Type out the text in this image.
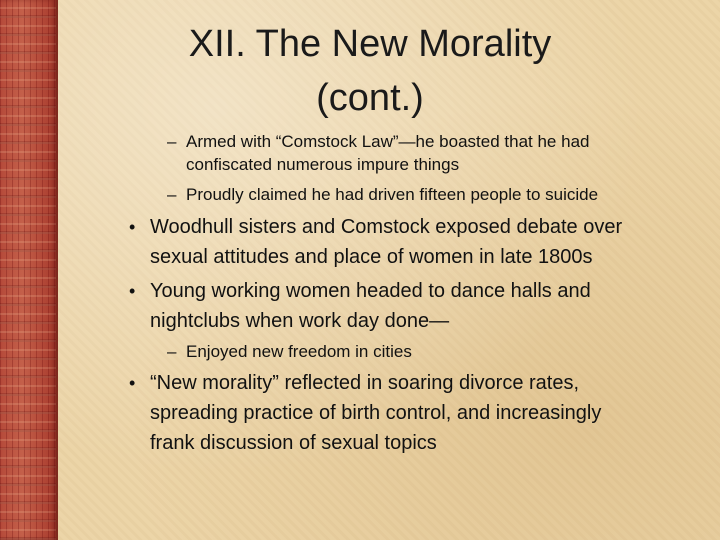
XII. The New Morality
(cont.)
– Armed with “Comstock Law”—he boasted that he had
confiscated numerous impure things
– Proudly claimed he had driven fifteen people to suicide
• Woodhull sisters and Comstock exposed debate over
sexual attitudes and place of women in late 1800s
• Young working women headed to dance halls and
nightclubs when work day done—
– Enjoyed new freedom in cities
• “New morality” reflected in soaring divorce rates,
spreading practice of birth control, and increasingly
frank discussion of sexual topics
